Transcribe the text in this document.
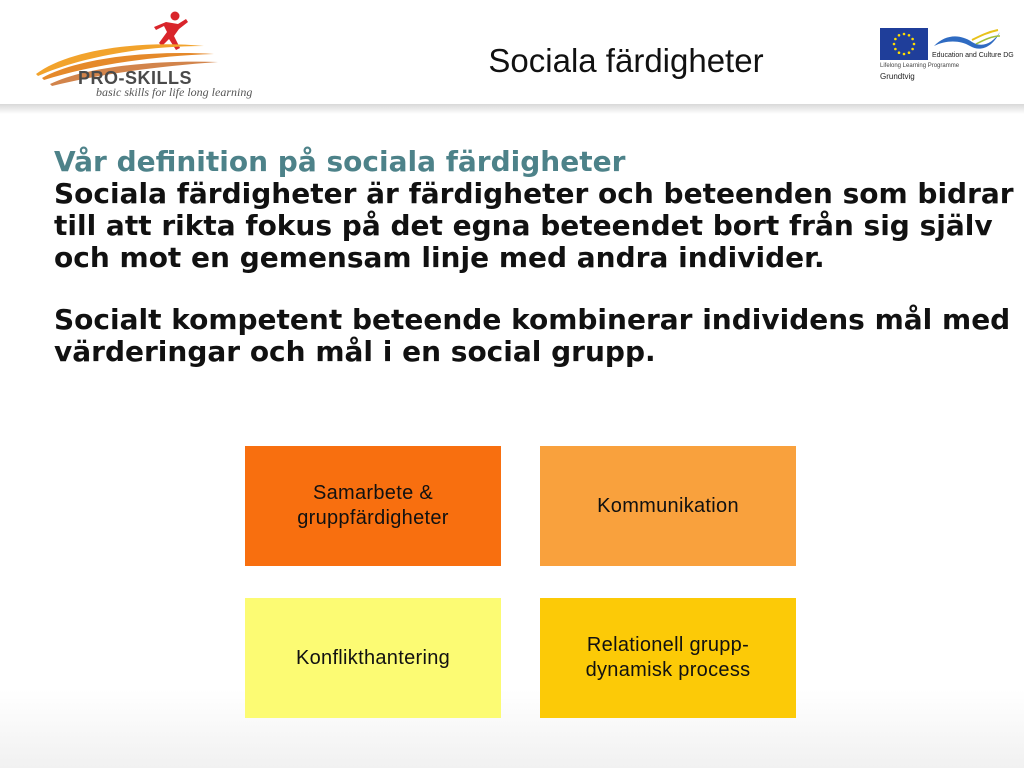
PRO-SKILLS
basic skills for life long learning
Sociala färdigheter	Education and Culture DG
Lifelong Learning Programme
Grundtvig
Vår definition på sociala färdigheter
Sociala färdigheter är färdigheter och beteenden som bidrar till att rikta fokus på det egna beteendet bort från sig själv och mot en gemensam linje med andra individer.
Socialt kompetent beteende kombinerar individens mål med värderingar och mål i en social grupp.
Samarbete &
gruppfärdigheter
Kommunikation
Konflikthantering
Relationell grupp-
dynamisk process
